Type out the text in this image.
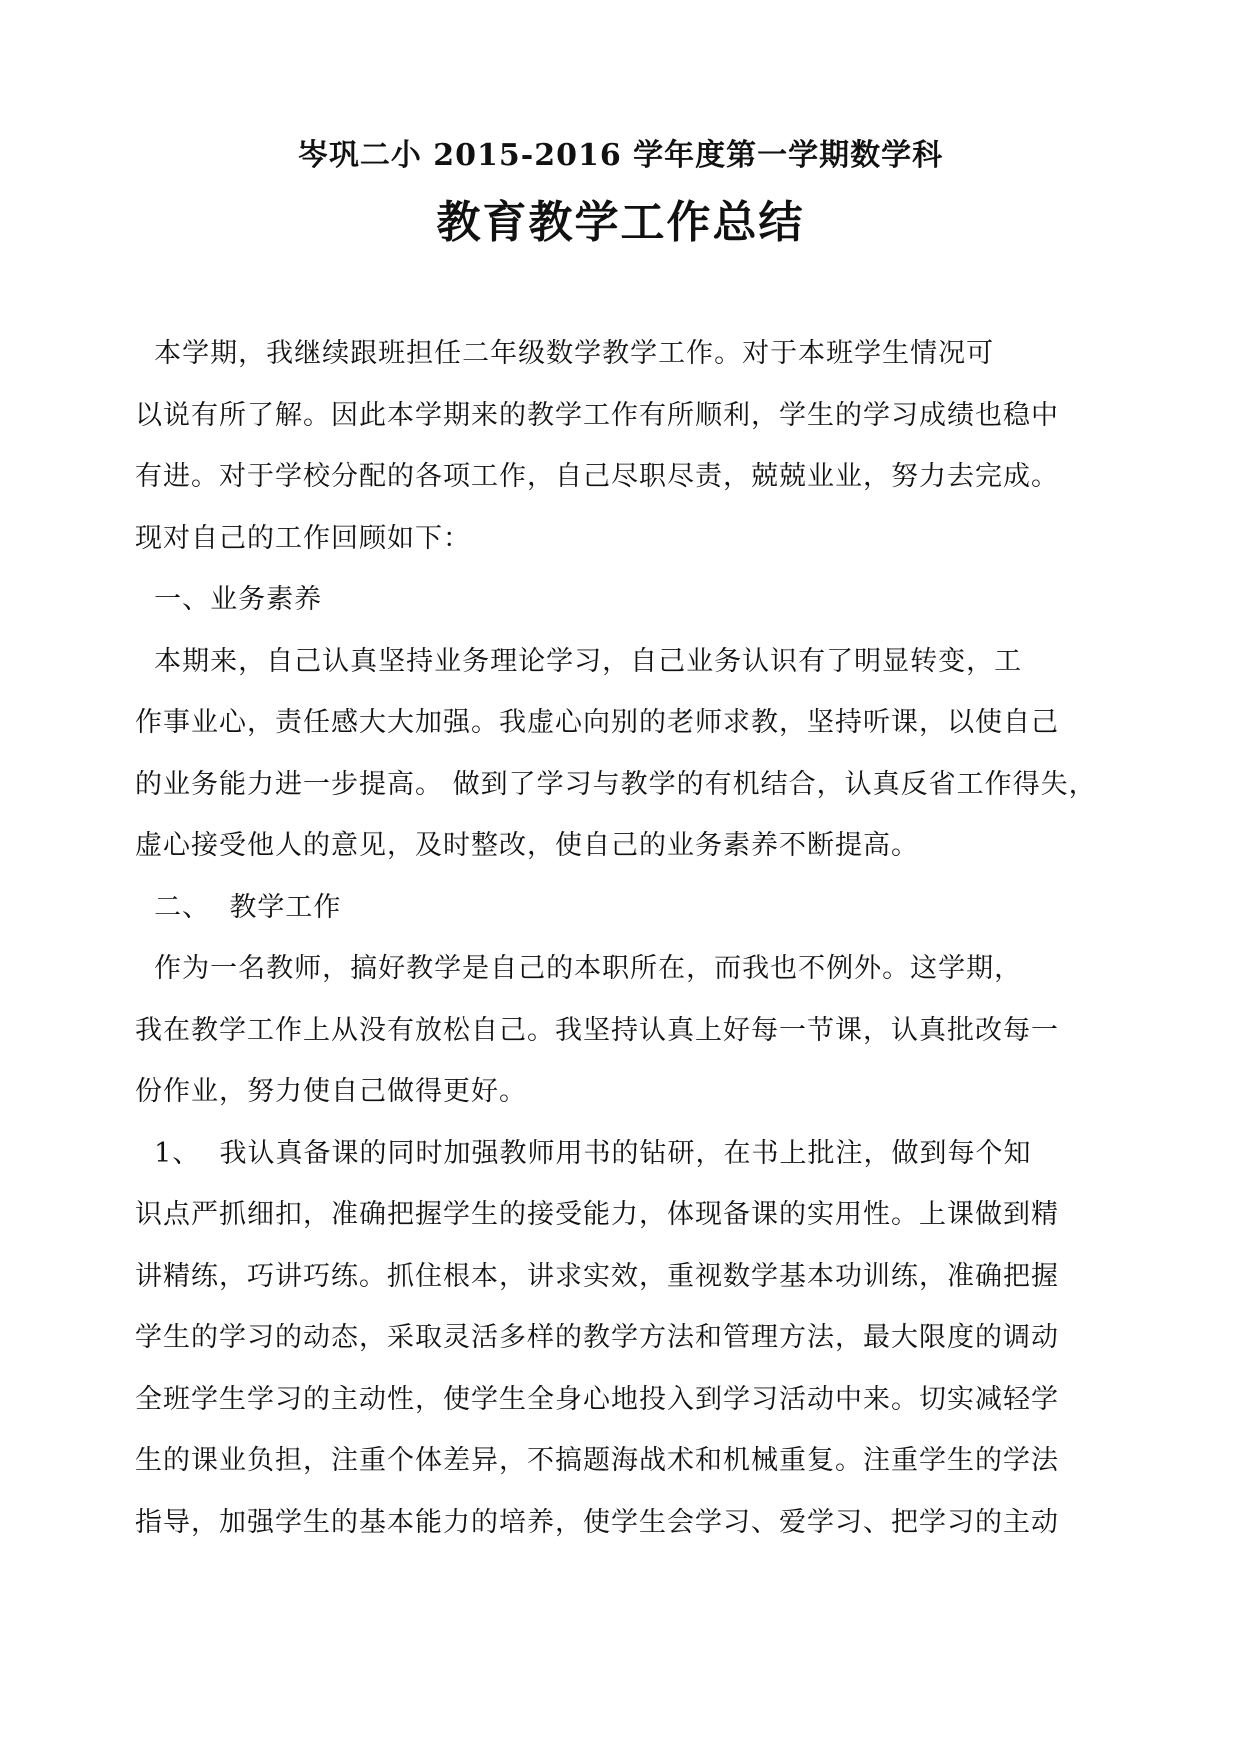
岑巩二小 2015-2016 学年度第一学期数学科
教育教学工作总结
本学期，我继续跟班担任二年级数学教学工作。对于本班学生情况可
以说有所了解。因此本学期来的教学工作有所顺利，学生的学习成绩也稳中
有进。对于学校分配的各项工作，自己尽职尽责，兢兢业业，努力去完成。
现对自己的工作回顾如下：
一、业务素养
本期来，自己认真坚持业务理论学习，自己业务认识有了明显转变，工
作事业心，责任感大大加强。我虚心向别的老师求教，坚持听课，以使自己
的业务能力进一步提高。 做到了学习与教学的有机结合，认真反省工作得失，
虚心接受他人的意见，及时整改，使自己的业务素养不断提高。
二、  教学工作
作为一名教师，搞好教学是自己的本职所在，而我也不例外。这学期，
我在教学工作上从没有放松自己。我坚持认真上好每一节课，认真批改每一
份作业，努力使自己做得更好。
1、  我认真备课的同时加强教师用书的钻研，在书上批注，做到每个知
识点严抓细扣，准确把握学生的接受能力，体现备课的实用性。上课做到精
讲精练，巧讲巧练。抓住根本，讲求实效，重视数学基本功训练，准确把握
学生的学习的动态，采取灵活多样的教学方法和管理方法，最大限度的调动
全班学生学习的主动性，使学生全身心地投入到学习活动中来。切实减轻学
生的课业负担，注重个体差异，不搞题海战术和机械重复。注重学生的学法
指导，加强学生的基本能力的培养，使学生会学习、爱学习、把学习的主动
